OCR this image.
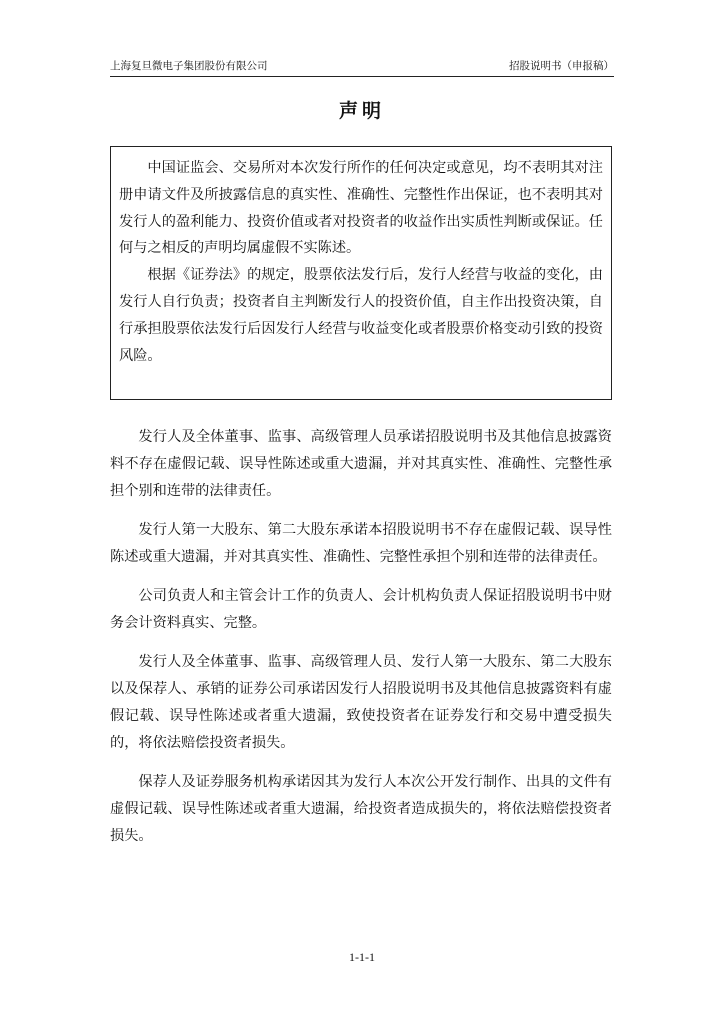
上海复旦微电子集团股份有限公司	招股说明书（申报稿）
声明

中国证监会、交易所对本次发行所作的任何决定或意见，均不表明其对注册申请文件及所披露信息的真实性、准确性、完整性作出保证，也不表明其对发行人的盈利能力、投资价值或者对投资者的收益作出实质性判断或保证。任何与之相反的声明均属虚假不实陈述。

根据《证券法》的规定，股票依法发行后，发行人经营与收益的变化，由发行人自行负责；投资者自主判断发行人的投资价值，自主作出投资决策，自行承担股票依法发行后因发行人经营与收益变化或者股票价格变动引致的投资风险。

发行人及全体董事、监事、高级管理人员承诺招股说明书及其他信息披露资料不存在虚假记载、误导性陈述或重大遗漏，并对其真实性、准确性、完整性承担个别和连带的法律责任。

发行人第一大股东、第二大股东承诺本招股说明书不存在虚假记载、误导性陈述或重大遗漏，并对其真实性、准确性、完整性承担个别和连带的法律责任。

公司负责人和主管会计工作的负责人、会计机构负责人保证招股说明书中财务会计资料真实、完整。

发行人及全体董事、监事、高级管理人员、发行人第一大股东、第二大股东以及保荐人、承销的证券公司承诺因发行人招股说明书及其他信息披露资料有虚假记载、误导性陈述或者重大遗漏，致使投资者在证券发行和交易中遭受损失的，将依法赔偿投资者损失。

保荐人及证券服务机构承诺因其为发行人本次公开发行制作、出具的文件有虚假记载、误导性陈述或者重大遗漏，给投资者造成损失的，将依法赔偿投资者损失。

1-1-1
